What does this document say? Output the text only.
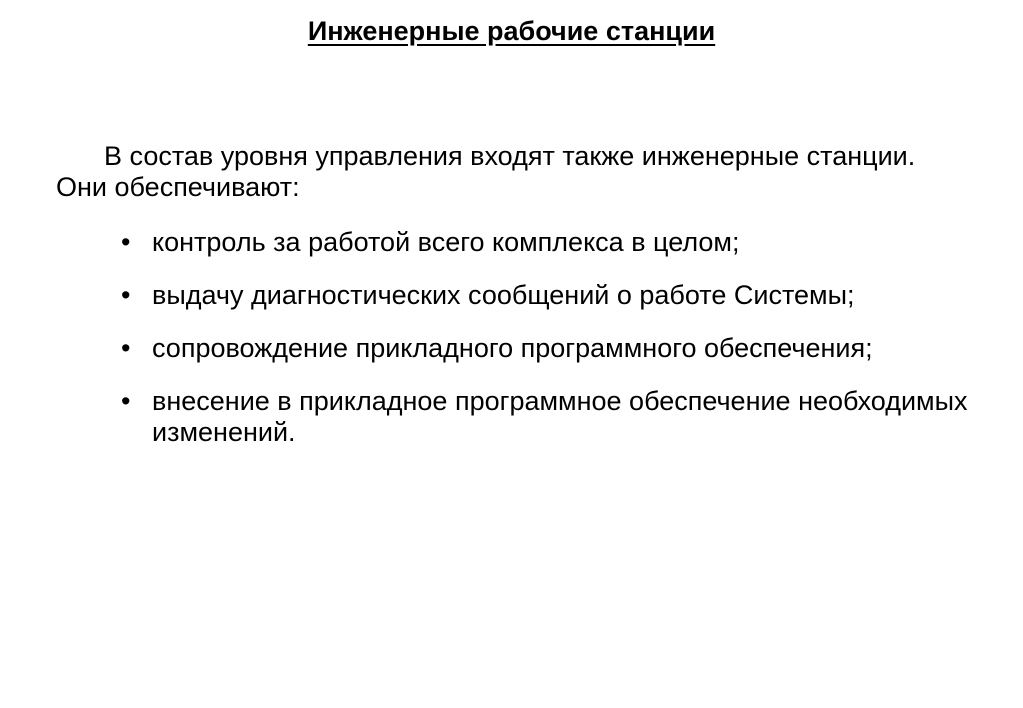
Инженерные рабочие станции

В состав уровня управления входят также инженерные станции. Они обеспечивают:

• контроль за работой всего комплекса в целом;
• выдачу диагностических сообщений о работе Системы;
• сопровождение прикладного программного обеспечения;
• внесение в прикладное программное обеспечение необходимых изменений.
